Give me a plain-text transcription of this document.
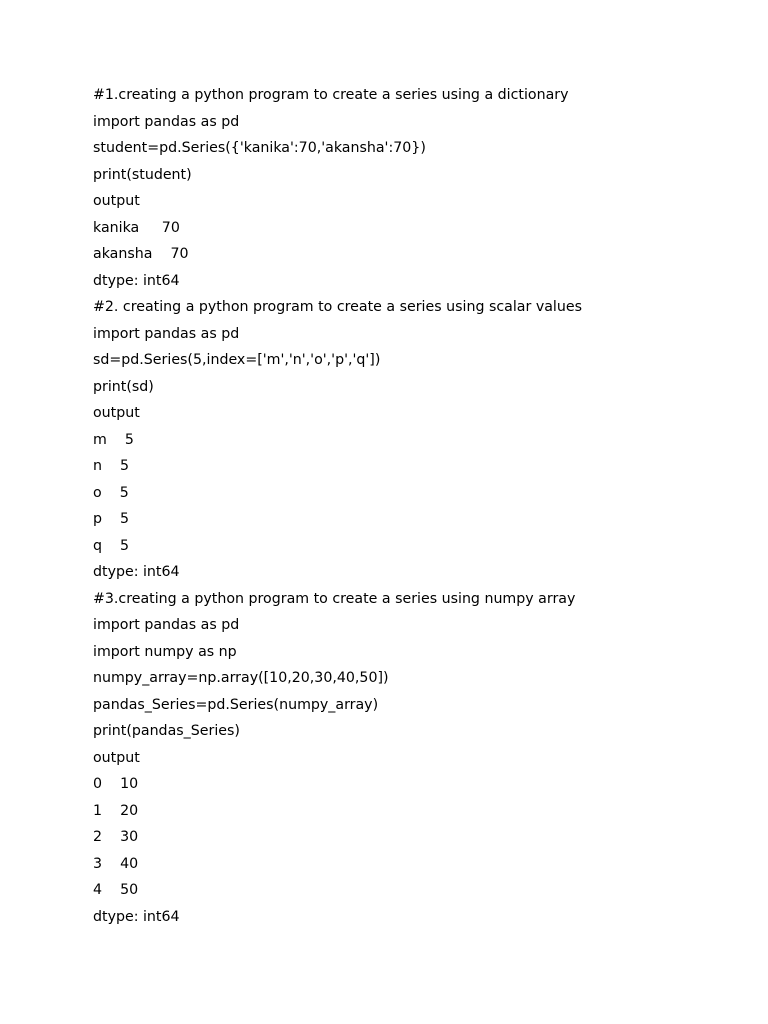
#1.creating a python program to create a series using a dictionary
import pandas as pd
student=pd.Series({'kanika':70,'akansha':70})
print(student)
output
kanika     70
akansha    70
dtype: int64
#2. creating a python program to create a series using scalar values
import pandas as pd
sd=pd.Series(5,index=['m','n','o','p','q'])
print(sd)
output
m    5
n    5
o    5
p    5
q    5
dtype: int64
#3.creating a python program to create a series using numpy array
import pandas as pd
import numpy as np
numpy_array=np.array([10,20,30,40,50])
pandas_Series=pd.Series(numpy_array)
print(pandas_Series)
output
0    10
1    20
2    30
3    40
4    50
dtype: int64
